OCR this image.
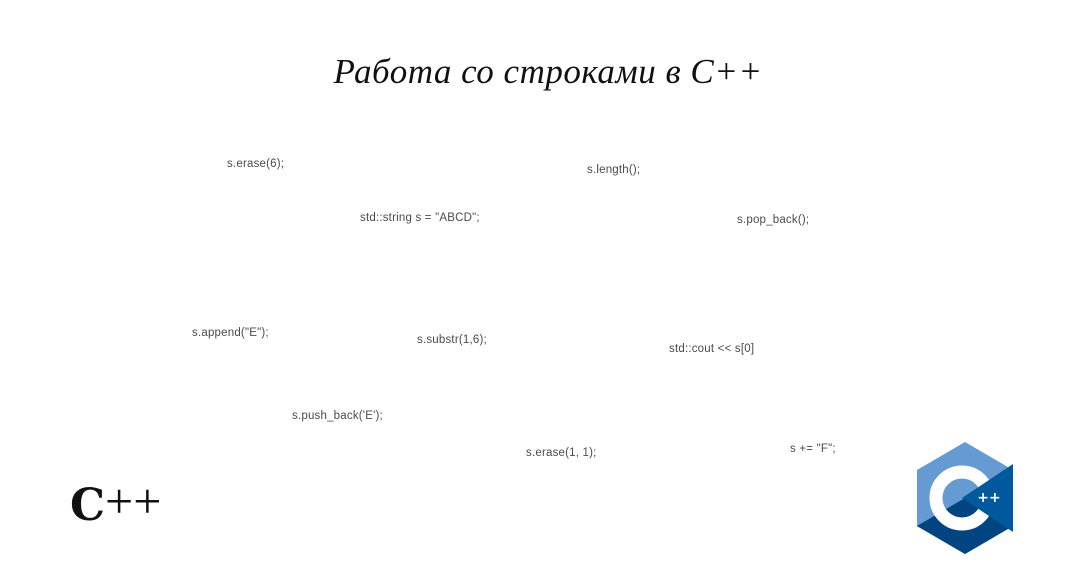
Работа со строками в C++
s.erase(6);	s.length();
std::string s = "ABCD";	s.pop_back();
s.append("E");
s.substr(1,6);
std::cout << s[0]
s.push_back('E');
s.erase(1, 1);	s += "F";
C++	++
